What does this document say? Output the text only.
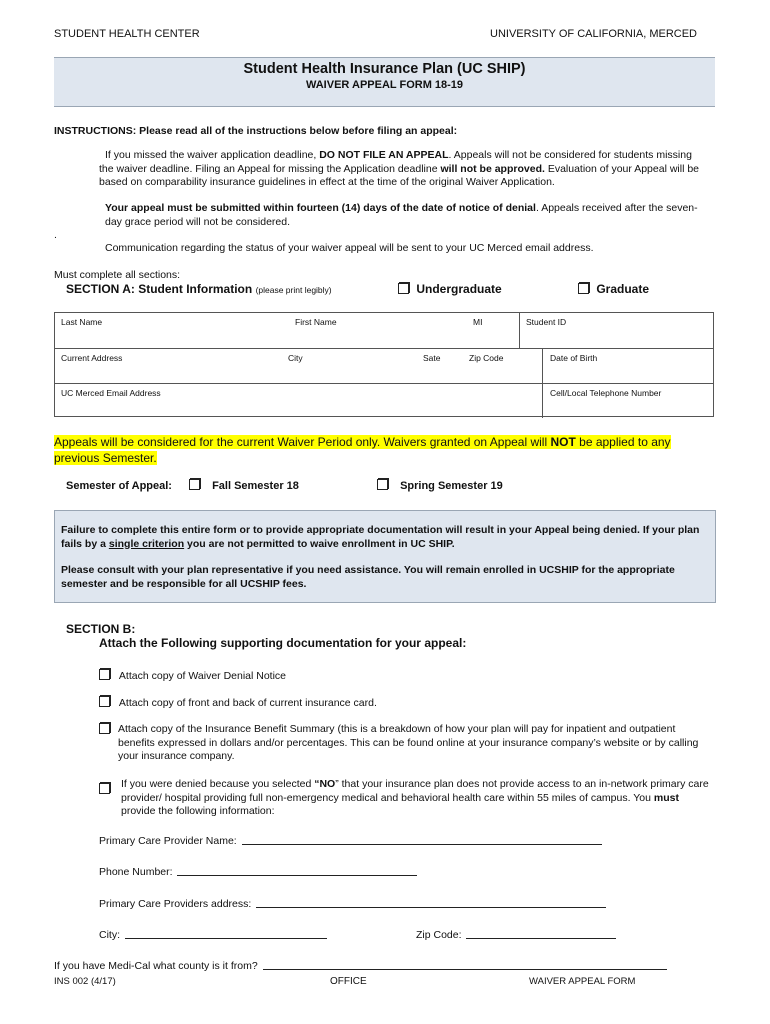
STUDENT HEALTH CENTER	UNIVERSITY OF CALIFORNIA, MERCED
Student Health Insurance Plan (UC SHIP)
WAIVER APPEAL FORM 18-19
INSTRUCTIONS: Please read all of the instructions below before filing an appeal:
If you missed the waiver application deadline, DO NOT FILE AN APPEAL. Appeals will not be considered for students missing the waiver deadline. Filing an Appeal for missing the Application deadline will not be approved. Evaluation of your Appeal will be based on comparability insurance guidelines in effect at the time of the original Waiver Application.
Your appeal must be submitted within fourteen (14) days of the date of notice of denial. Appeals received after the seven-day grace period will not be considered.
.
Communication regarding the status of your waiver appeal will be sent to your UC Merced email address.
Must complete all sections:
SECTION A: Student Information (please print legibly)	Undergraduate	Graduate
Last Name	First Name	MI	Student ID
Current Address	City	Sate	Zip Code	Date of Birth
UC Merced Email Address	Cell/Local Telephone Number
Appeals will be considered for the current Waiver Period only. Waivers granted on Appeal will NOT be applied to any
previous Semester.
Semester of Appeal:	Fall Semester 18	Spring Semester 19
Failure to complete this entire form or to provide appropriate documentation will result in your Appeal being denied. If your plan fails by a single criterion you are not permitted to waive enrollment in UC SHIP.
Please consult with your plan representative if you need assistance. You will remain enrolled in UCSHIP for the appropriate semester and be responsible for all UCSHIP fees.
SECTION B:
Attach the Following supporting documentation for your appeal:
Attach copy of Waiver Denial Notice
Attach copy of front and back of current insurance card.
Attach copy of the Insurance Benefit Summary (this is a breakdown of how your plan will pay for inpatient and outpatient benefits expressed in dollars and/or percentages. This can be found online at your insurance company’s website or by calling your insurance company.
If you were denied because you selected “NO” that your insurance plan does not provide access to an in-network primary care provider/ hospital providing full non-emergency medical and behavioral health care within 55 miles of campus. You must provide the following information:
Primary Care Provider Name:
Phone Number:
Primary Care Providers address:
City:	Zip Code:
If you have Medi-Cal what county is it from?
INS 002 (4/17)	OFFICE	WAIVER APPEAL FORM
